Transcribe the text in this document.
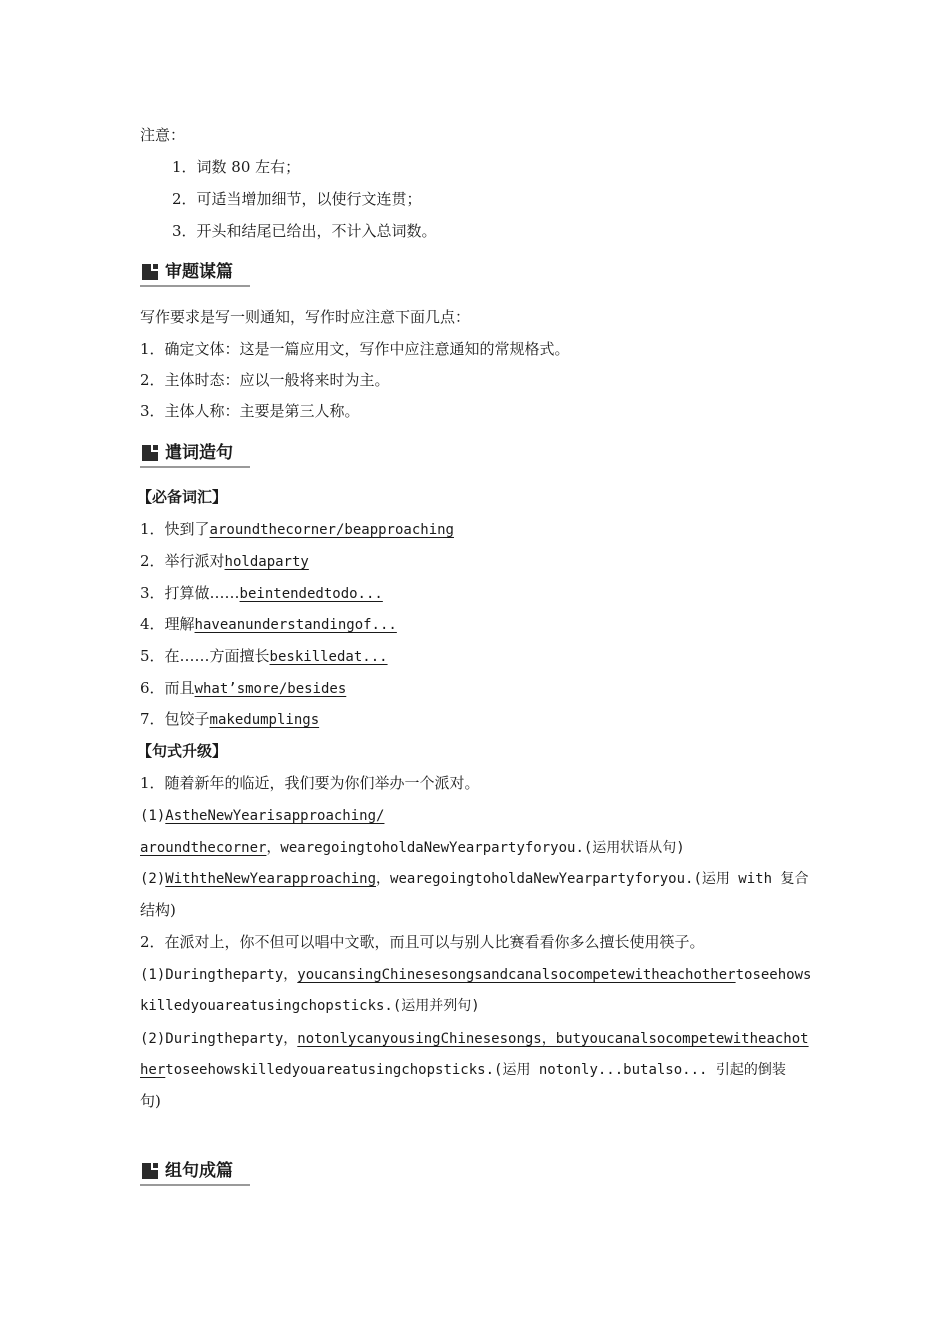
注意：
1．词数 80 左右；
2．可适当增加细节，以使行文连贯；
3．开头和结尾已给出，不计入总词数。
审题谋篇
写作要求是写一则通知，写作时应注意下面几点：
1．确定文体：这是一篇应用文，写作中应注意通知的常规格式。
2．主体时态：应以一般将来时为主。
3．主体人称：主要是第三人称。
遣词造句
【必备词汇】
1．快到了aroundthecorner/beapproaching
2．举行派对holdaparty
3．打算做……beintendedtodo...
4．理解haveanunderstandingof...
5．在……方面擅长beskilledat...
6．而且what’smore/besides
7．包饺子makedumplings
【句式升级】
1．随着新年的临近，我们要为你们举办一个派对。
(1)AstheNewYearisapproaching/
aroundthecorner，wearegoingtoholdaNewYearpartyforyou.(运用状语从句)
(2)WiththeNewYearapproaching，wearegoingtoholdaNewYearpartyforyou.(运用 with 复合
结构)
2．在派对上，你不但可以唱中文歌，而且可以与别人比赛看看你多么擅长使用筷子。
(1)Duringtheparty，youcansingChinesesongsandcanalsocompetewitheachothertoseehows
killedyouareatusingchopsticks.(运用并列句)
(2)Duringtheparty，notonlycanyousingChinesesongs，butyoucanalsocompetewitheachot
hertoseehowskilledyouareatusingchopsticks.(运用 notonly...butalso... 引起的倒装
句)
组句成篇
